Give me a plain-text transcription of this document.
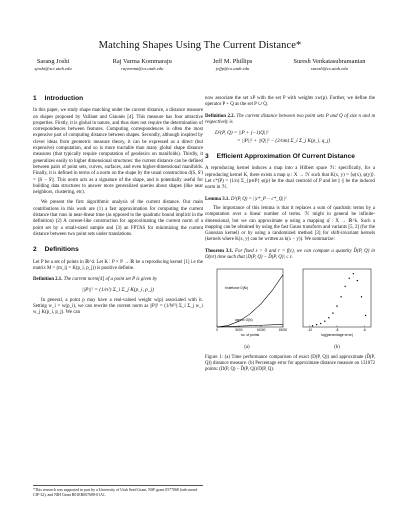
Matching Shapes Using The Current Distance*
Sarang Joshi
sjoshi@sci.utah.edu
Raj Varma Kommaraju
rajvarma@cs.utah.edu
Jeff M. Phillips
jeffp@cs.utah.edu
Suresh Venkatasubramanian
suresh@cs.utah.edu
1 Introduction

In this paper, we study shape matching under the current distance, a distance measure on shapes proposed by Vaillant and Glaunès [4]. This measure has four attractive properties. Firstly, it is global in nature, and thus does not require the determination of correspondences between features. Computing correspondences is often the most expensive part of computing distance between shapes. Secondly, although inspired by clever ideas from geometric measure theory, it can be expressed as a direct (but expensive) computation, and so is more tractable than many global shape distance measures (that typically require computation of geodesics on manifolds). Thirdly, it generalizes easily to higher dimensional structures: the current distance can be defined between pairs of point sets, curves, surfaces, and even higher-dimensional manifolds. Finally, it is defined in terms of a norm on the shape by the usual construction d(S, S') = ||S − S'||. This norm acts as a signature of the shape, and is potentially useful for building data structures to answer more generalized queries about shapes (like near neighbors, clustering, etc).

We present the first algorithmic analysis of the current distance. Our main contributions in this work are (1) a fast approximation for computing the current distance that runs in near-linear time (as opposed to the quadratic bound implicit in the definition) (2) A coreset-like construction for approximating the current norm of a point set by a small-sized sample and (3) an FPTAS for minimizing the current distance between two point sets under translations.

2 Definitions

Let P be a set of points in ℝ^d. Let K : P × P → ℝ be a reproducing kernel [1] i.e the matrix M = (m_ij = K(p_i, p_j)) is positive definite.

Definition 2.1. The current norm[4] of a point set P is given by
||P||² = (1/n²) Σ_i Σ_j K(p_i, p_j)

In general, a point p may have a real-valued weight w(p) associated with it. Setting w_i = w(p_i), we can rewrite the current norm as ||P||² = (1/W²) Σ_i Σ_j w_i w_j K(p_i, p_j). We can

*This research was supported in part by a University of Utah Seed Grant, NSF grant 0577068 (sub-award CIF-32), and NIH Grant R01EB007688-01A1.

now associate the set xP with the set P with weights xw(p). Further, we define the operator P + Q as the set P ∪ Q.

Definition 2.2. The current distance between two point sets P and Q of size n and m respectively is
D²(P, Q) = ||P + (−1)Q||²
= ||P||² + ||Q||² − (2/nm) Σ_i Σ_j K(p_i, q_j)
3 Efficient Approximation Of Current Distance

A reproducing kernel induces a map into a Hilbert space ℋ: specifically, for a reproducing kernel K, there exists a map φ : X → ℋ such that K(x, y) = ⟨φ(x), φ(y)⟩. Let c*(P) = (1/n) Σ_{p∈P} φ(p) be the dual centroid of P and let ||·|| be the induced norm in ℋ.

Lemma 3.1. D²(P, Q) = ||c*_P − c*_Q||²

The importance of this lemma is that it replaces a sum of quadratic terms by a computation over a linear number of terms. ℋ might in general be infinite-dimensional, but we can approximate φ using a mapping φ̂ : X → ℝ^k. Such a mapping can be obtained by using the fast Gauss transform and variants [5, 2] (for the Gaussian kernel) or by using a randomized method [3] for shift-invariant kernels (kernels where K(x, y) can be written as k(x − y)). We summarize:

Theorem 3.1. For fixed ε > 0 and r = f(ε), we can compute a quantity D̂(P, Q) in O(nr) time such that |D(P, Q) − D̂(P, Q)| ≤ ε.
0	5000	10000	15000
no. of points
bruteforce O(N²)
approx O(N)
-10	-8	-6
log(percentage error)
(a)	(b)
Figure 1: (a) Time performance comparison of exact (D(P, Q)) and approximate (D̂(P, Q)) distance measure. (b) Percentage error for approximate distance measure on 131072 points: (D(P, Q) − D̂(P, Q))/D(P, Q).
